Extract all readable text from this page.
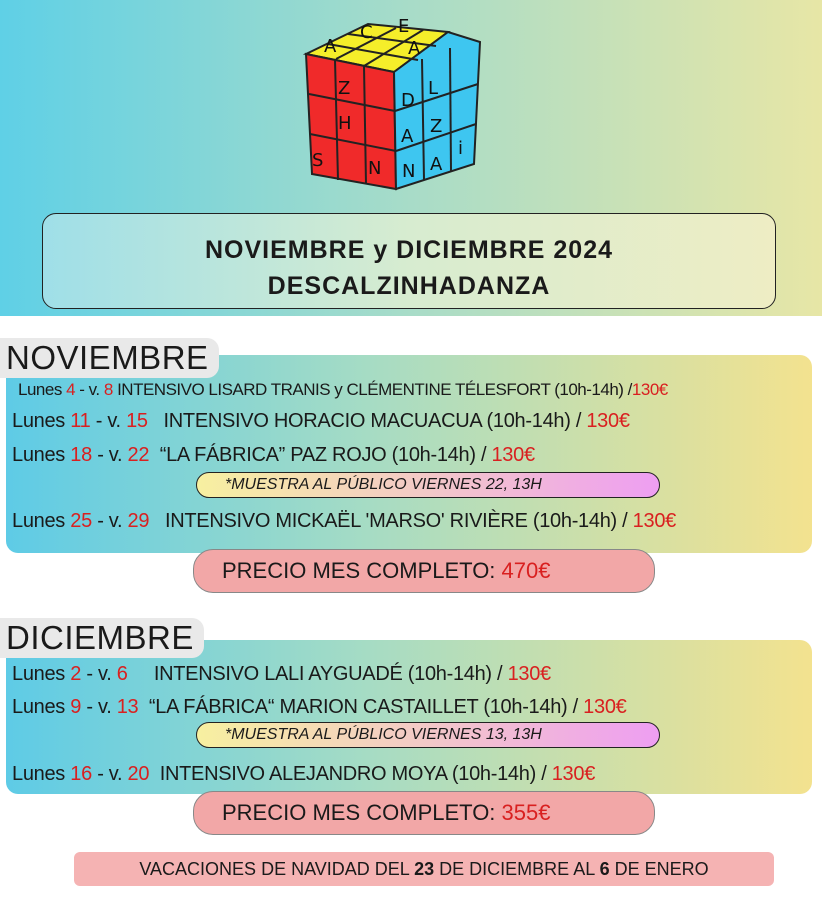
A
C E
A
Z
H
S N
D
L
A Z
N A
i
NOVIEMBRE y DICIEMBRE 2024
DESCALZINHADANZA
NOVIEMBRE
Lunes 4 - v. 8 INTENSIVO LISARD TRANIS y CLÉMENTINE TÉLESFORT (10h-14h) /130€
Lunes 11 - v. 15 INTENSIVO HORACIO MACUACUA (10h-14h) / 130€
Lunes 18 - v. 22 “LA FÁBRICA” PAZ ROJO (10h-14h) / 130€
*MUESTRA AL PÚBLICO VIERNES 22, 13H
Lunes 25 - v. 29 INTENSIVO MICKAËL 'MARSO' RIVIÈRE (10h-14h) / 130€
PRECIO MES COMPLETO: 470€
DICIEMBRE
Lunes 2 - v. 6 INTENSIVO LALI AYGUADÉ (10h-14h) / 130€
Lunes 9 - v. 13 “LA FÁBRICA“ MARION CASTAILLET (10h-14h) / 130€
*MUESTRA AL PÚBLICO VIERNES 13, 13H
Lunes 16 - v. 20 INTENSIVO ALEJANDRO MOYA (10h-14h) / 130€
PRECIO MES COMPLETO: 355€
VACACIONES DE NAVIDAD DEL 23 DE DICIEMBRE AL 6 DE ENERO
